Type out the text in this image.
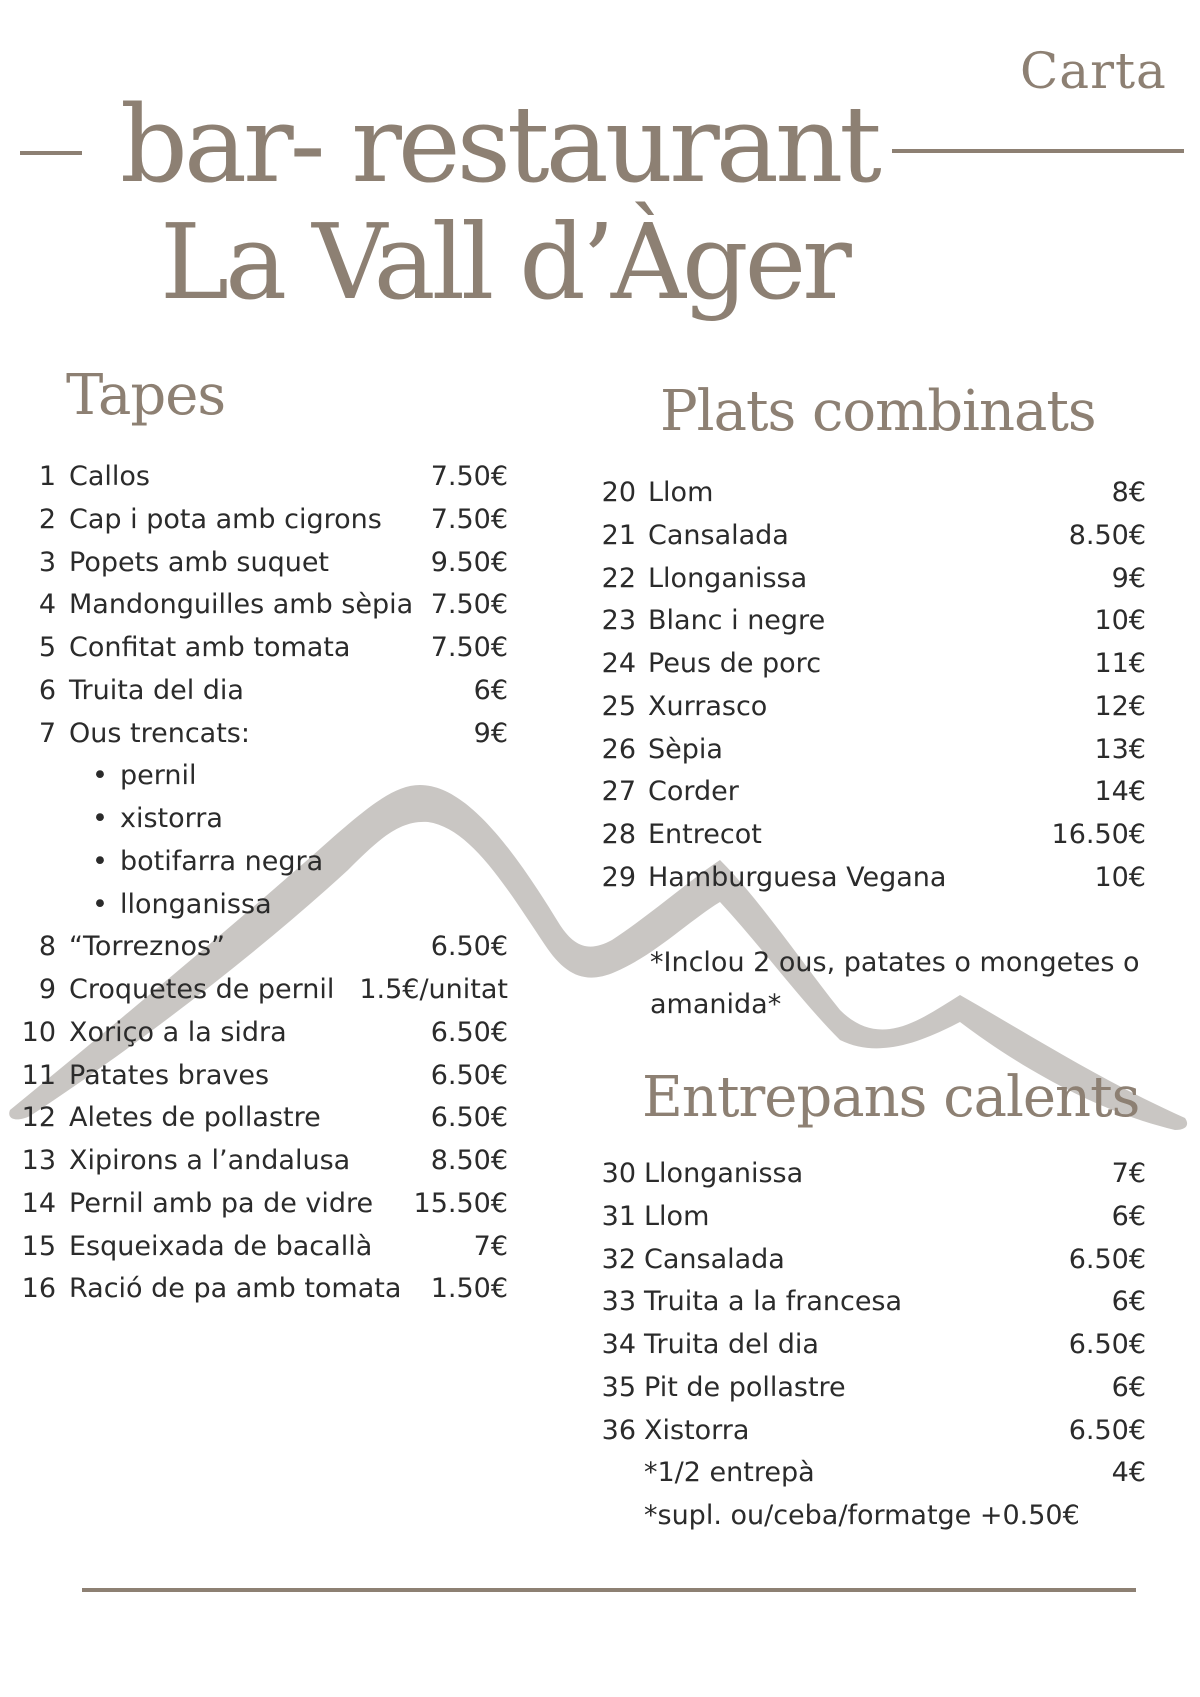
Carta
bar- restaurant
La Vall d’Àger
Tapes
1 Callos	7.50€
2 Cap i pota amb cigrons 7.50€
3 Popets amb suquet	9.50€
4 Mandonguilles amb sèpia 7.50€
5 Confitat amb tomata	7.50€
6 Truita del dia	6€
7 Ous trencats:	9€
• pernil
• xistorra
• botifarra negra
• llonganissa
8 “Torreznos”	6.50€
9 Croquetes de pernil 1.5€/unitat
10 Xoriço a la sidra	6.50€
11 Patates braves	6.50€
12 Aletes de pollastre	6.50€
13 Xipirons a l’andalusa	8.50€
14 Pernil amb pa de vidre 15.50€
15 Esqueixada de bacallà	7€
16 Ració de pa amb tomata 1.50€
Plats combinats
20 Llom	8€
21 Cansalada	8.50€
22 Llonganissa	9€
23 Blanc i negre	10€
24 Peus de porc	11€
25 Xurrasco	12€
26 Sèpia	13€
27 Corder	14€
28 Entrecot	16.50€
29 Hamburguesa Vegana	10€
*Inclou 2 ous, patates o mongetes o
amanida*
Entrepans calents
30 Llonganissa	7€
31 Llom	6€
32 Cansalada	6.50€
33 Truita a la francesa	6€
34 Truita del dia	6.50€
35 Pit de pollastre	6€
36 Xistorra	6.50€
*1/2 entrepà	4€
*supl. ou/ceba/formatge +0.50€
